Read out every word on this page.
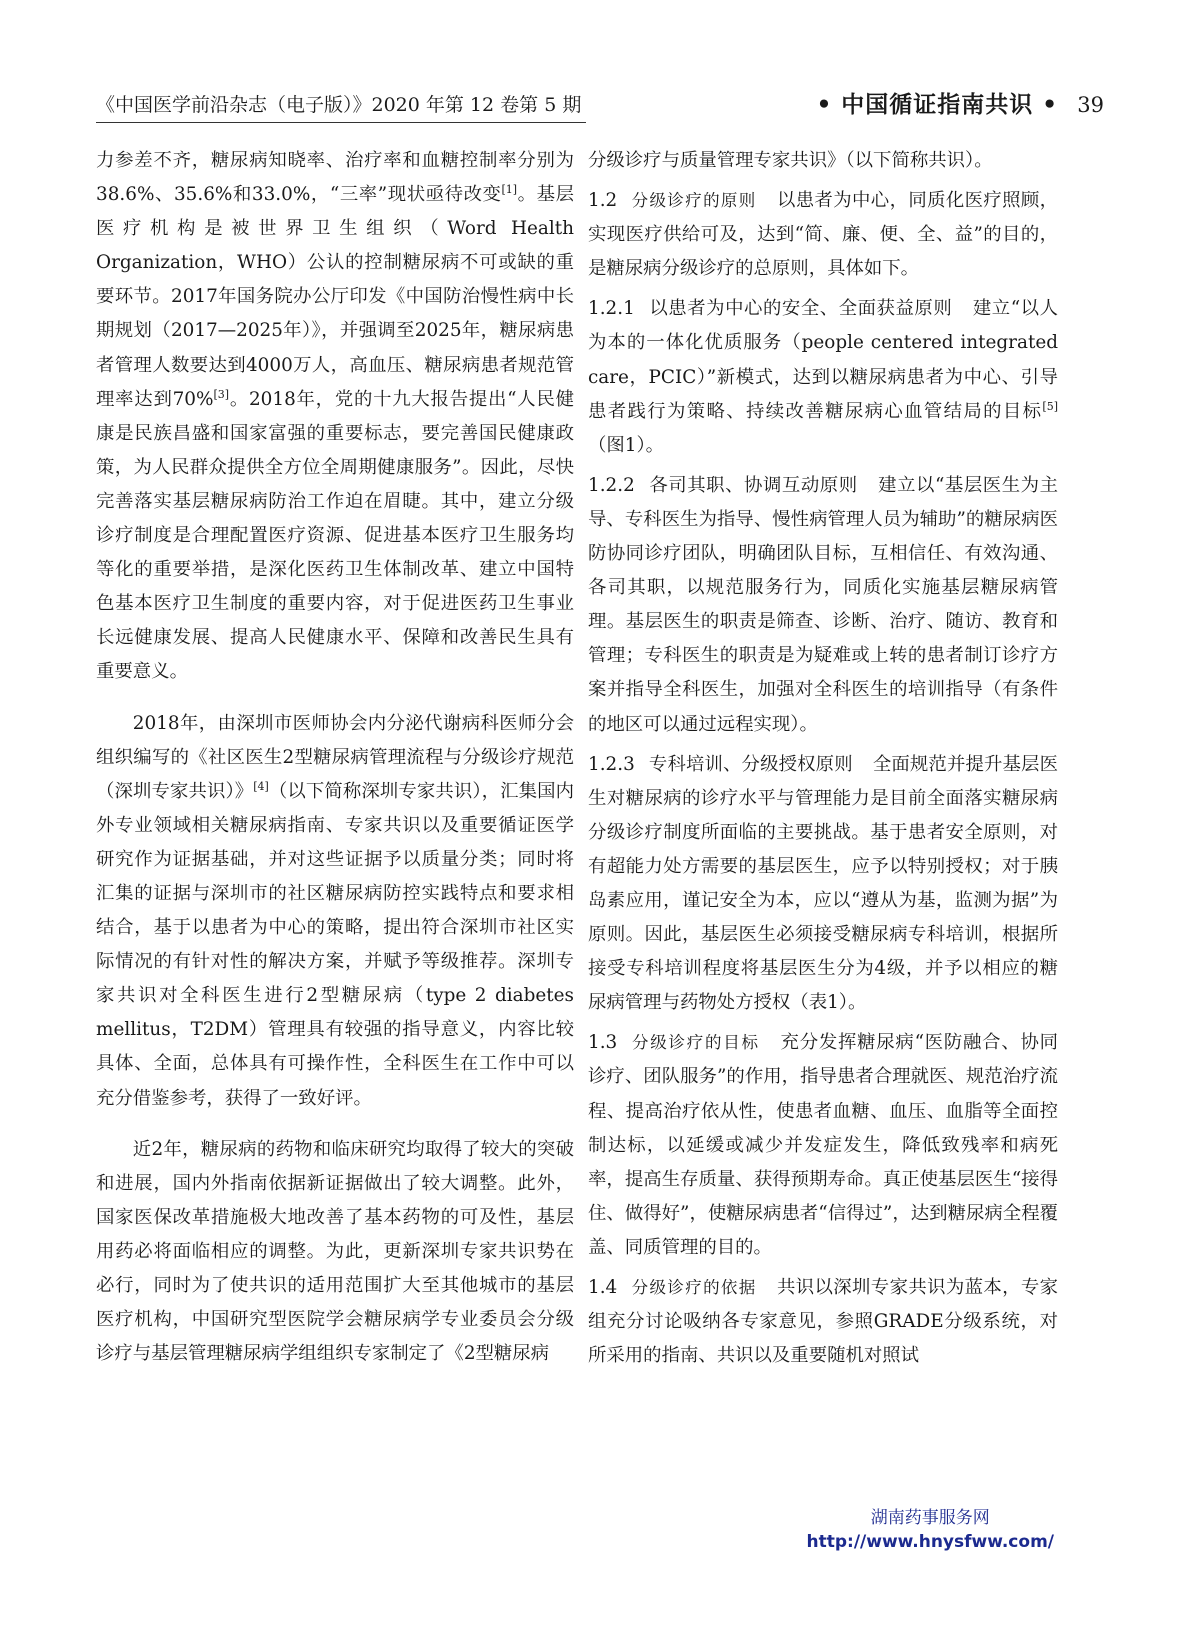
《中国医学前沿杂志（电子版）》2020 年第 12 卷第 5 期	• 中国循证指南共识 • 39

力参差不齐，糖尿病知晓率、治疗率和血糖控制率分别为38.6%、35.6%和33.0%，“三率”现状亟待改变[1]。基层医疗机构是被世界卫生组织（Word Health Organization，WHO）公认的控制糖尿病不可或缺的重要环节。2017年国务院办公厅印发《中国防治慢性病中长期规划（2017—2025年）》，并强调至2025年，糖尿病患者管理人数要达到4000万人，高血压、糖尿病患者规范管理率达到70%[3]。2018年，党的十九大报告提出“人民健康是民族昌盛和国家富强的重要标志，要完善国民健康政策，为人民群众提供全方位全周期健康服务”。因此，尽快完善落实基层糖尿病防治工作迫在眉睫。其中，建立分级诊疗制度是合理配置医疗资源、促进基本医疗卫生服务均等化的重要举措，是深化医药卫生体制改革、建立中国特色基本医疗卫生制度的重要内容，对于促进医药卫生事业长远健康发展、提高人民健康水平、保障和改善民生具有重要意义。

2018年，由深圳市医师协会内分泌代谢病科医师分会组织编写的《社区医生2型糖尿病管理流程与分级诊疗规范（深圳专家共识）》[4]（以下简称深圳专家共识），汇集国内外专业领域相关糖尿病指南、专家共识以及重要循证医学研究作为证据基础，并对这些证据予以质量分类；同时将汇集的证据与深圳市的社区糖尿病防控实践特点和要求相结合，基于以患者为中心的策略，提出符合深圳市社区实际情况的有针对性的解决方案，并赋予等级推荐。深圳专家共识对全科医生进行2型糖尿病（type 2 diabetes mellitus，T2DM）管理具有较强的指导意义，内容比较具体、全面，总体具有可操作性，全科医生在工作中可以充分借鉴参考，获得了一致好评。

近2年，糖尿病的药物和临床研究均取得了较大的突破和进展，国内外指南依据新证据做出了较大调整。此外，国家医保改革措施极大地改善了基本药物的可及性，基层用药必将面临相应的调整。为此，更新深圳专家共识势在必行，同时为了使共识的适用范围扩大至其他城市的基层医疗机构，中国研究型医院学会糖尿病学专业委员会分级诊疗与基层管理糖尿病学组组织专家制定了《2型糖尿病

分级诊疗与质量管理专家共识》（以下简称共识）。

1.2 分级诊疗的原则 以患者为中心，同质化医疗照顾，实现医疗供给可及，达到“简、廉、便、全、益”的目的，是糖尿病分级诊疗的总原则，具体如下。

1.2.1 以患者为中心的安全、全面获益原则 建立“以人为本的一体化优质服务（people centered integrated care，PCIC）”新模式，达到以糖尿病患者为中心、引导患者践行为策略、持续改善糖尿病心血管结局的目标[5]（图1）。

1.2.2 各司其职、协调互动原则 建立以“基层医生为主导、专科医生为指导、慢性病管理人员为辅助”的糖尿病医防协同诊疗团队，明确团队目标，互相信任、有效沟通、各司其职，以规范服务行为，同质化实施基层糖尿病管理。基层医生的职责是筛查、诊断、治疗、随访、教育和管理；专科医生的职责是为疑难或上转的患者制订诊疗方案并指导全科医生，加强对全科医生的培训指导（有条件的地区可以通过远程实现）。

1.2.3 专科培训、分级授权原则 全面规范并提升基层医生对糖尿病的诊疗水平与管理能力是目前全面落实糖尿病分级诊疗制度所面临的主要挑战。基于患者安全原则，对有超能力处方需要的基层医生，应予以特别授权；对于胰岛素应用，谨记安全为本，应以“遵从为基，监测为据”为原则。因此，基层医生必须接受糖尿病专科培训，根据所接受专科培训程度将基层医生分为4级，并予以相应的糖尿病管理与药物处方授权（表1）。

1.3 分级诊疗的目标 充分发挥糖尿病“医防融合、协同诊疗、团队服务”的作用，指导患者合理就医、规范治疗流程、提高治疗依从性，使患者血糖、血压、血脂等全面控制达标，以延缓或减少并发症发生，降低致残率和病死率，提高生存质量、获得预期寿命。真正使基层医生“接得住、做得好”，使糖尿病患者“信得过”，达到糖尿病全程覆盖、同质管理的目的。

1.4 分级诊疗的依据 共识以深圳专家共识为蓝本，专家组充分讨论吸纳各专家意见，参照GRADE分级系统，对所采用的指南、共识以及重要随机对照试

湖南药事服务网
http://www.hnysfww.com/
